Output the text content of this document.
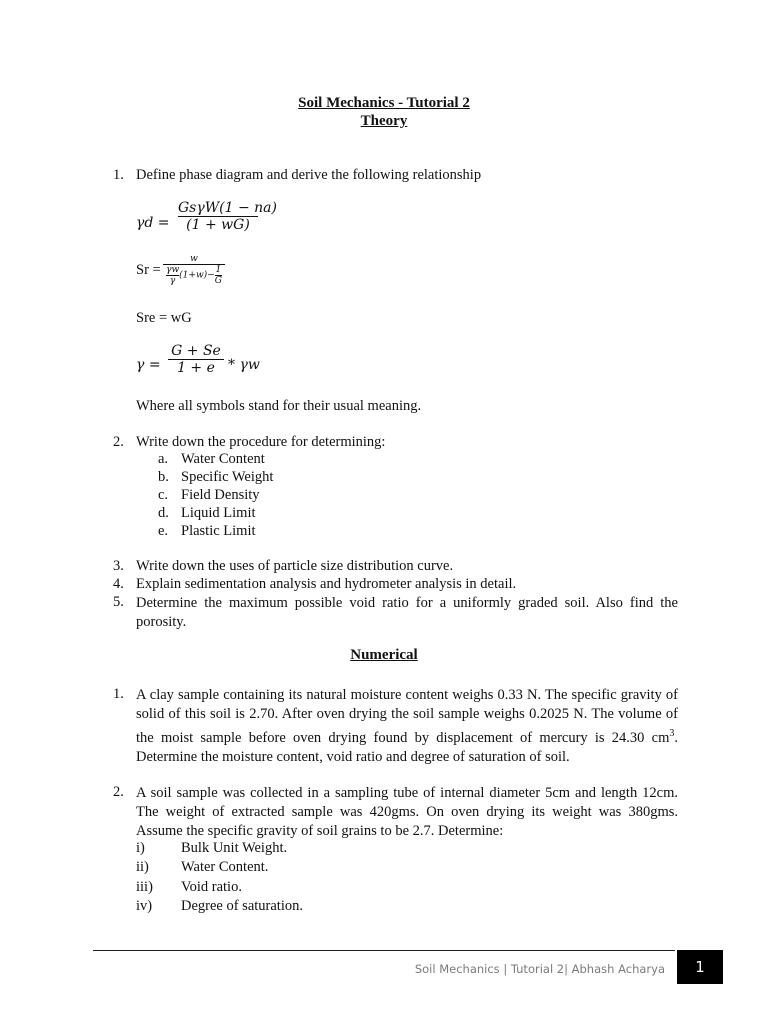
Soil Mechanics - Tutorial 2
Theory
1. Define phase diagram and derive the following relationship
γd =
GsγW(1 − na)
(1 + wG)
Sr =
w
$\frac{\gamma w}{\gamma} (1+w)- \frac{1}{G}$
Sre = wG
γ =
G + Se
1 + e * γw
Where all symbols stand for their usual meaning.
2. Write down the procedure for determining:
a. Water Content
b. Specific Weight
c. Field Density
d. Liquid Limit
e. Plastic Limit
3. Write down the uses of particle size distribution curve.
4. Explain sedimentation analysis and hydrometer analysis in detail.
5. Determine the maximum possible void ratio for a uniformly graded soil. Also find the porosity.
Numerical
1. A clay sample containing its natural moisture content weighs 0.33 N. The specific gravity of solid of this soil is 2.70. After oven drying the soil sample weighs 0.2025 N. The volume of the moist sample before oven drying found by displacement of mercury is 24.30 $cm^3$. Determine the moisture content, void ratio and degree of saturation of soil.
2. A soil sample was collected in a sampling tube of internal diameter 5cm and length 12cm. The weight of extracted sample was 420gms. On oven drying its weight was 380gms. Assume the specific gravity of soil grains to be 2.7. Determine:
i)	Bulk Unit Weight.
ii)	Water Content.
iii)	Void ratio.
iv)	Degree of saturation.
Soil Mechanics | Tutorial 2| Abhash Acharya	1
